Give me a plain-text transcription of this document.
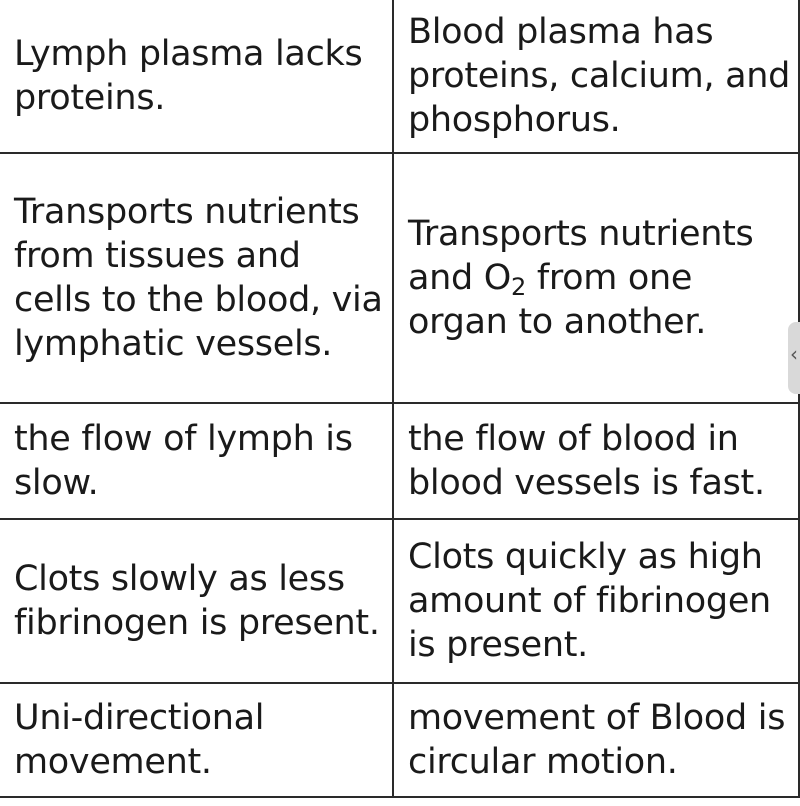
Lymph plasma lacks proteins.	Blood plasma has proteins, calcium, and phosphorus.
Transports nutrients from tissues and cells to the blood, via lymphatic vessels.	Transports nutrients and $O_2$ from one organ to another.
the flow of lymph is slow.	the flow of blood in blood vessels is fast.
Clots slowly as less fibrinogen is present.	Clots quickly as high amount of fibrinogen is present.
Uni-directional movement.	movement of Blood is circular motion.
‹
